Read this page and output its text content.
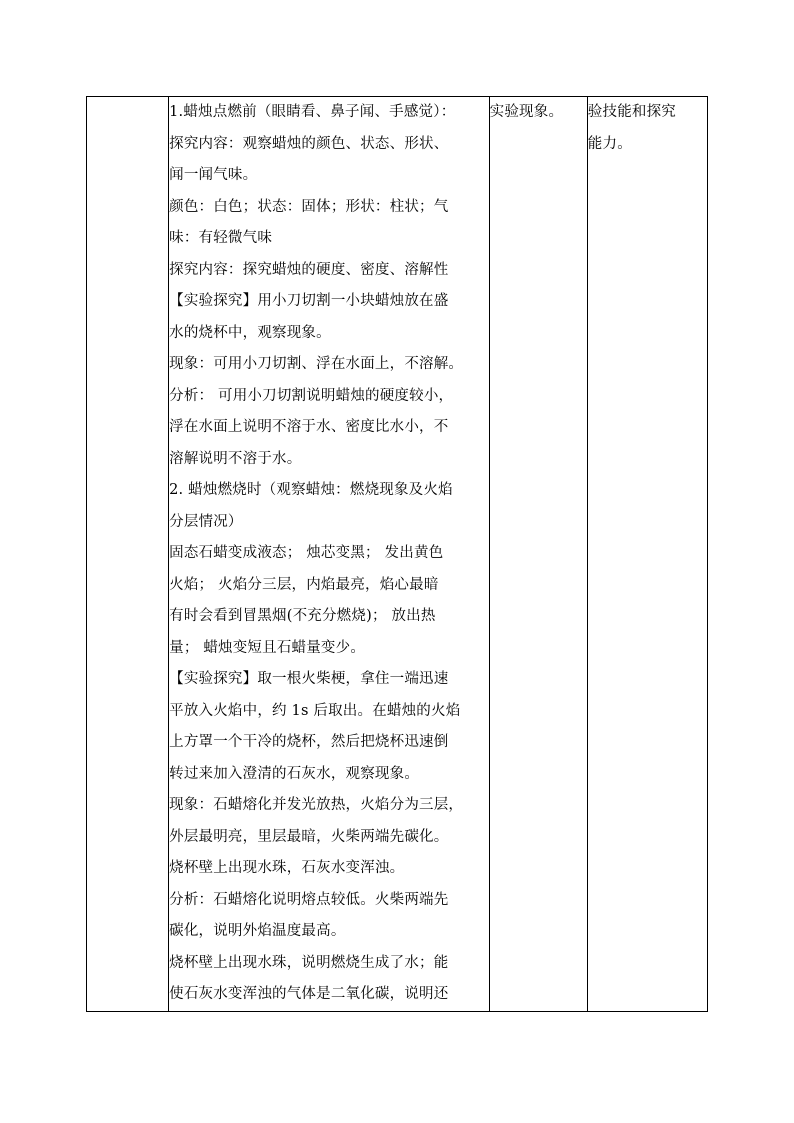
1.蜡烛点燃前（眼睛看、鼻子闻、手感觉）：
探究内容：观察蜡烛的颜色、状态、形状、
闻一闻气味。
颜色：白色；状态：固体；形状：柱状；气
味：有轻微气味
探究内容：探究蜡烛的硬度、密度、溶解性
【实验探究】用小刀切割一小块蜡烛放在盛
水的烧杯中，观察现象。
现象：可用小刀切割、浮在水面上，不溶解。
分析： 可用小刀切割说明蜡烛的硬度较小，
浮在水面上说明不溶于水、密度比水小，不
溶解说明不溶于水。
2. 蜡烛燃烧时（观察蜡烛：燃烧现象及火焰
分层情况）
固态石蜡变成液态； 烛芯变黑； 发出黄色
火焰； 火焰分三层，内焰最亮，焰心最暗
有时会看到冒黑烟(不充分燃烧)； 放出热
量； 蜡烛变短且石蜡量变少。
【实验探究】取一根火柴梗，拿住一端迅速
平放入火焰中，约 1s 后取出。在蜡烛的火焰
上方罩一个干冷的烧杯，然后把烧杯迅速倒
转过来加入澄清的石灰水，观察现象。
现象：石蜡熔化并发光放热，火焰分为三层，
外层最明亮，里层最暗，火柴两端先碳化。
烧杯壁上出现水珠，石灰水变浑浊。
分析：石蜡熔化说明熔点较低。火柴两端先
碳化，说明外焰温度最高。
烧杯壁上出现水珠，说明燃烧生成了水；能
使石灰水变浑浊的气体是二氧化碳，说明还

实验现象。	验技能和探究
能力。
